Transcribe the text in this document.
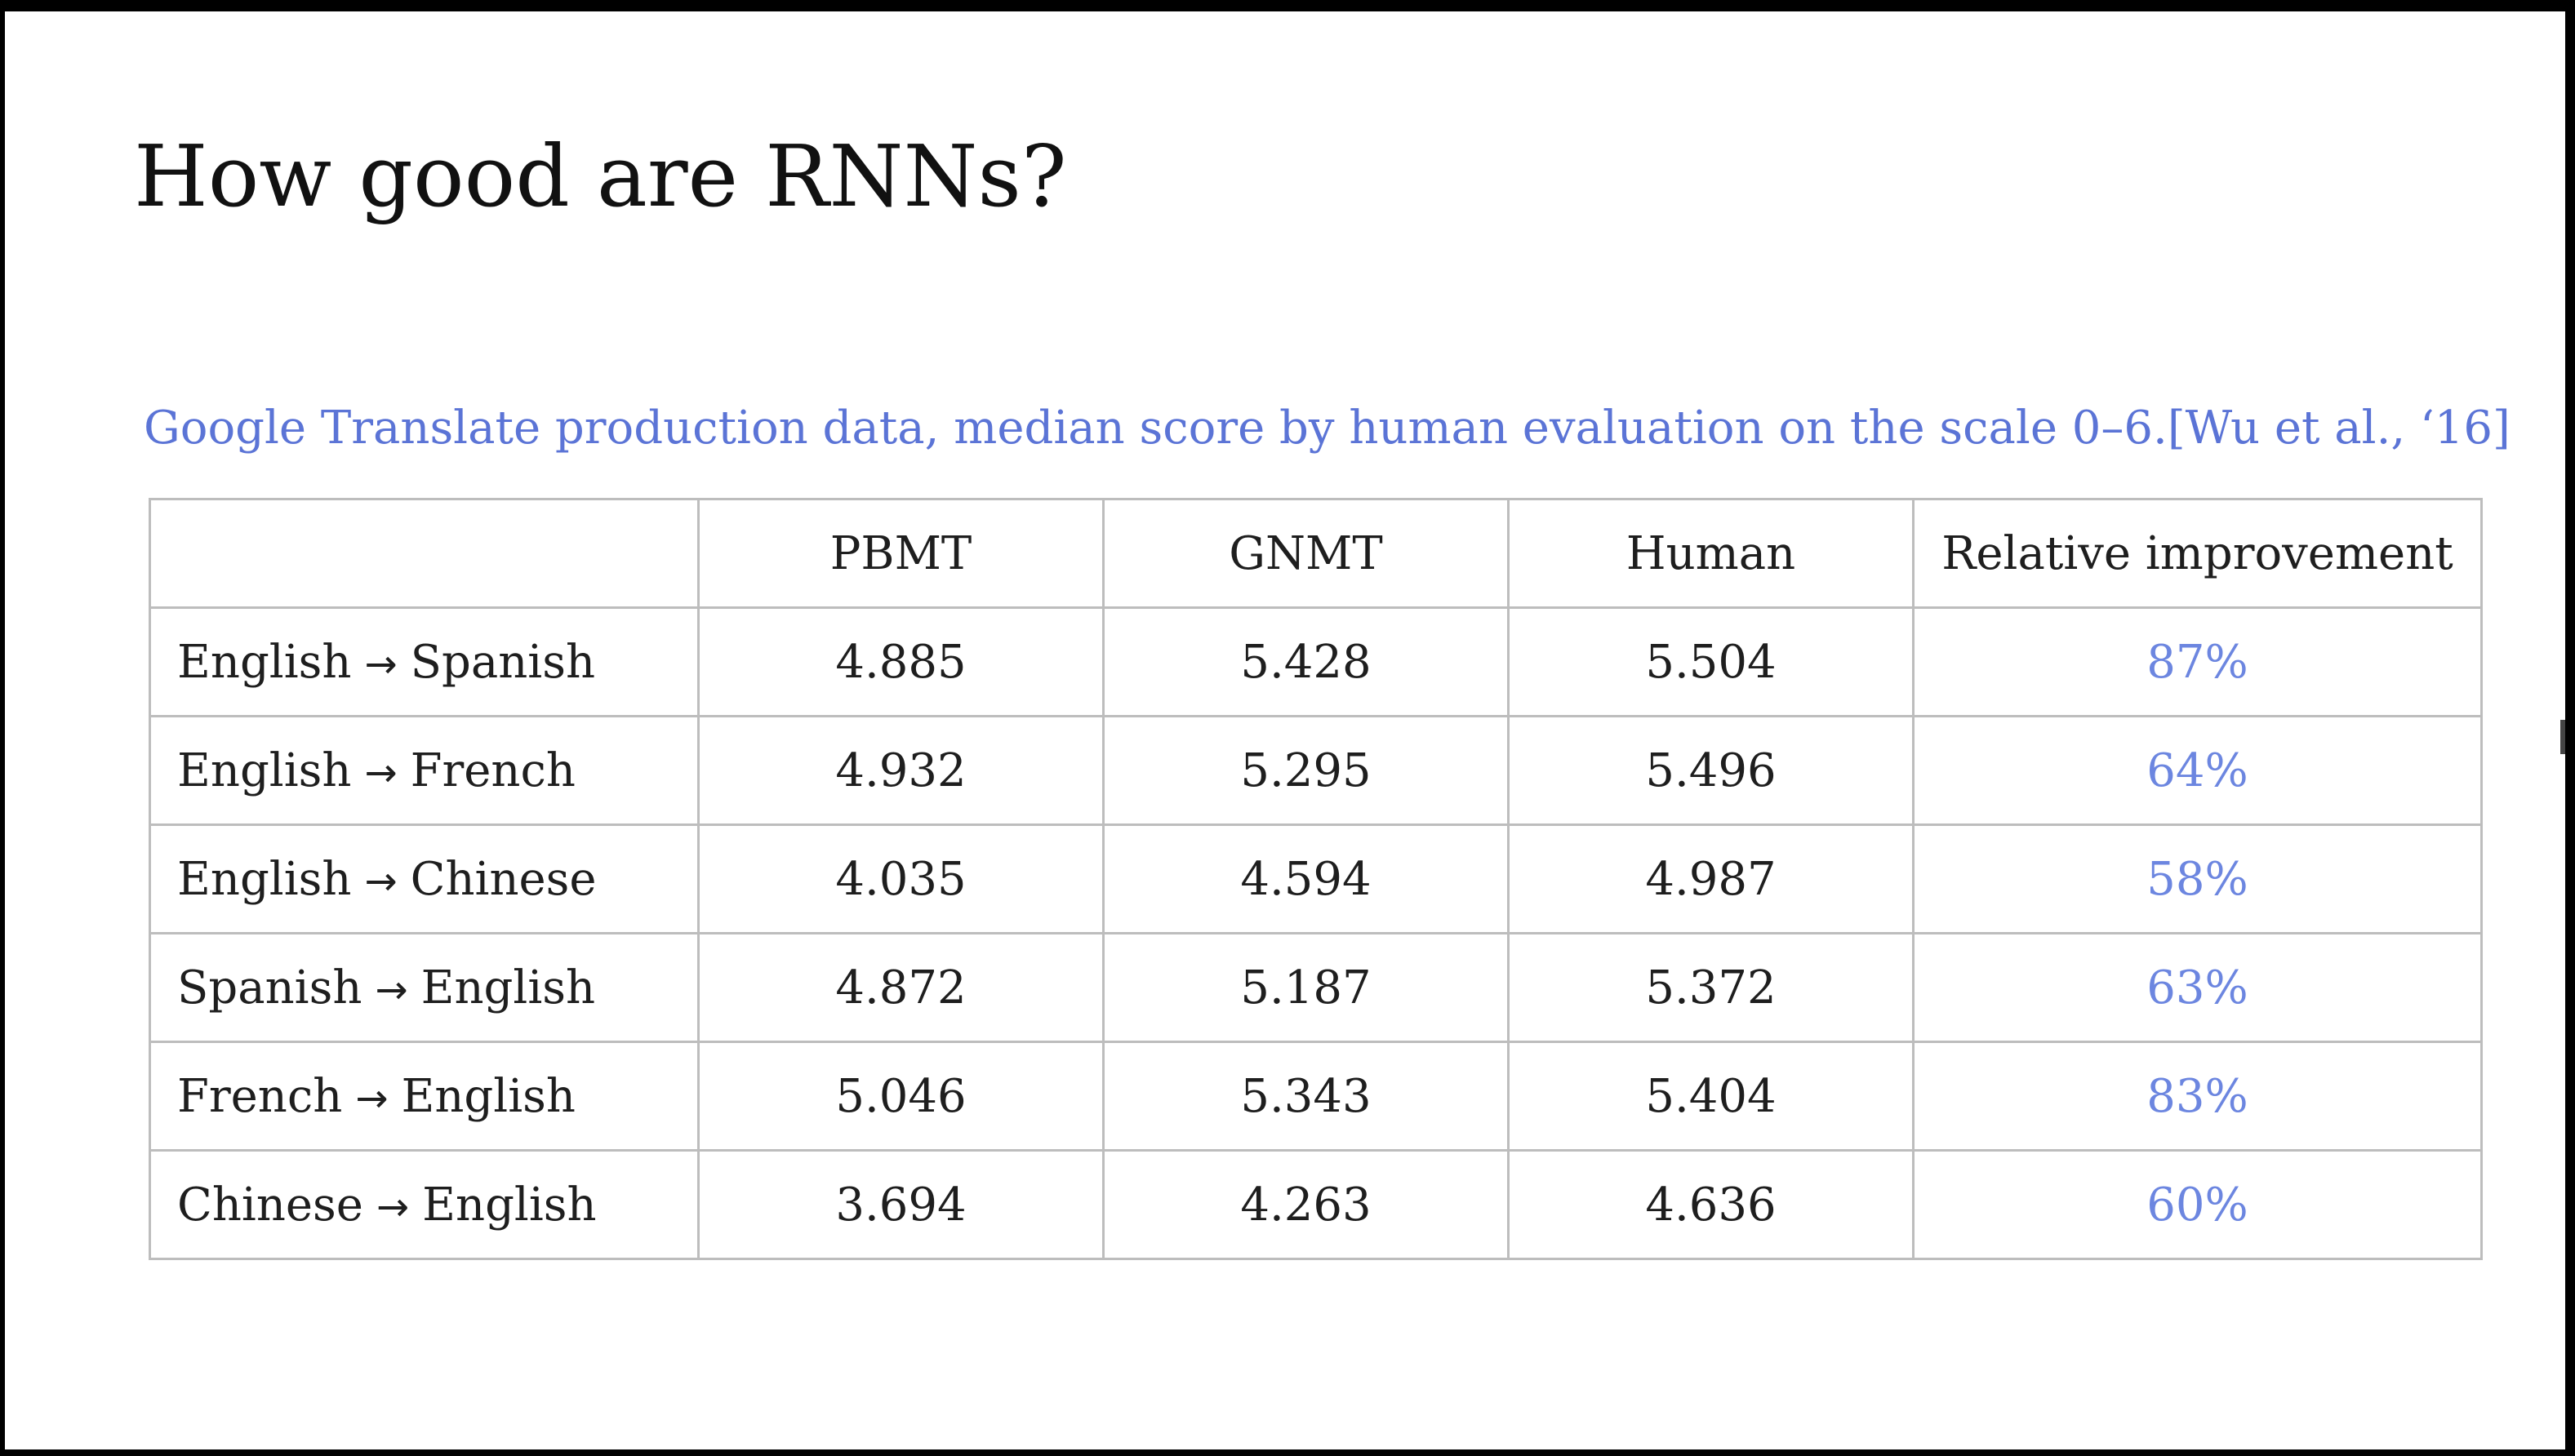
How good are RNNs?
Google Translate production data, median score by human evaluation on the scale 0–6. [Wu et al., ‘16]
	PBMT	GNMT	Human	Relative improvement
English → Spanish	4.885	5.428	5.504	87%
English → French	4.932	5.295	5.496	64%
English → Chinese	4.035	4.594	4.987	58%
Spanish → English	4.872	5.187	5.372	63%
French → English	5.046	5.343	5.404	83%
Chinese → English	3.694	4.263	4.636	60%
